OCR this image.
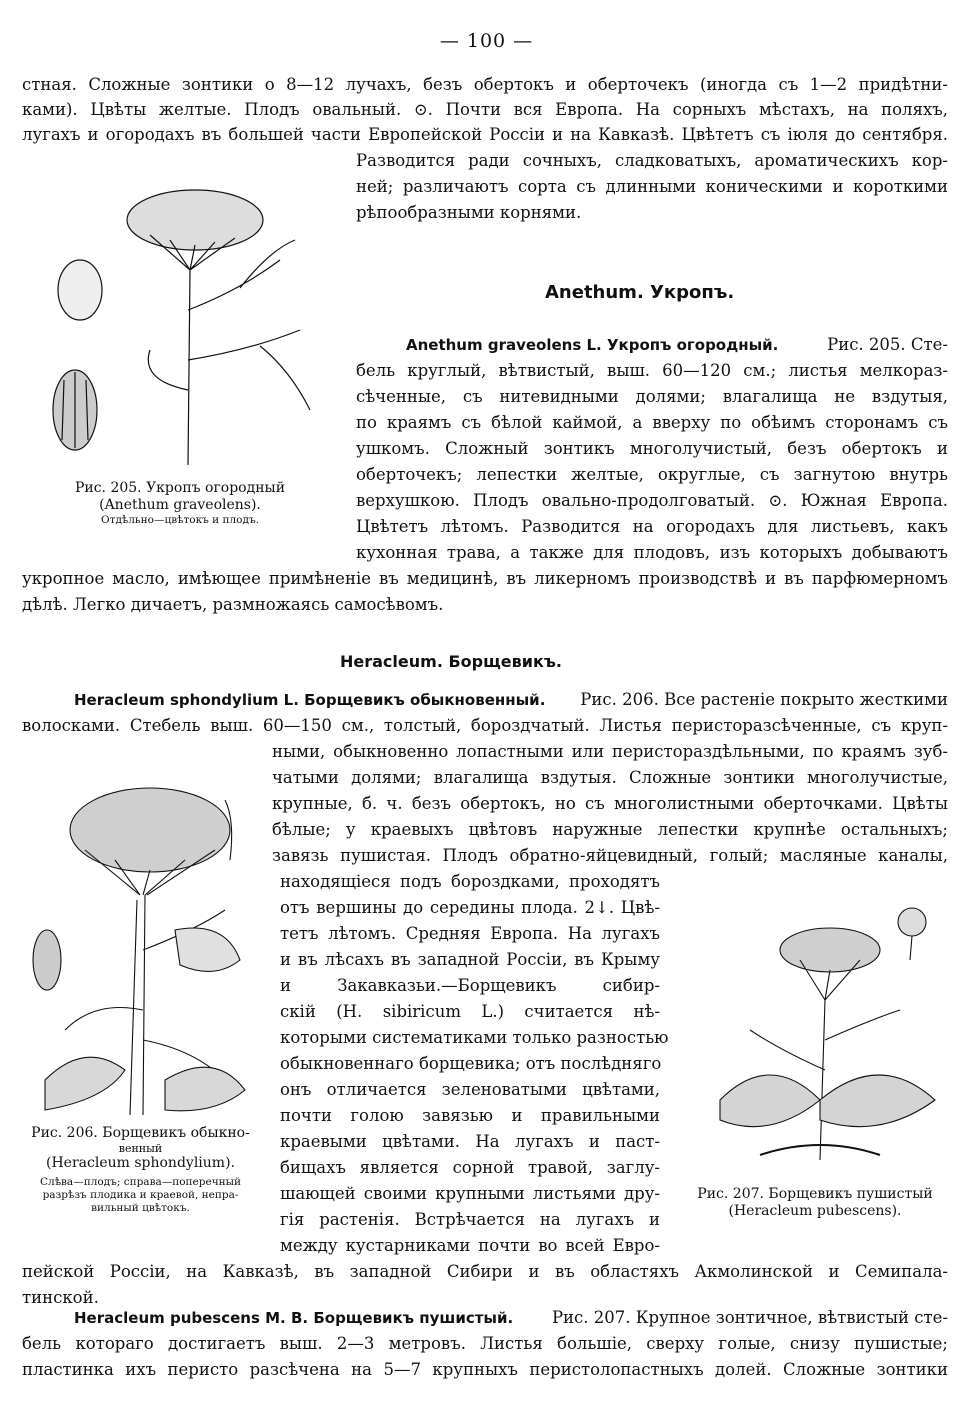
— 100 —
стная. Сложные зонтики о 8—12 лучахъ, безъ обертокъ и оберточекъ (иногда съ 1—2 придѣтни-
ками). Цвѣты желтые. Плодъ овальный. ⊙. Почти вся Европа. На сорныхъ мѣстахъ, на поляхъ,
лугахъ и огородахъ въ большей части Европейской Россіи и на Кавказѣ. Цвѣтетъ съ іюля до сентября.
Разводится ради сочныхъ, сладковатыхъ, ароматическихъ кор-
ней; различаютъ сорта съ длинными коническими и короткими
рѣпообразными корнями.
Рис. 205. Укропъ огородный
(Anethum graveolens).
Отдѣльно—цвѣтокъ и плодъ.
Anethum. Укропъ.
Anethum graveolens L. Укропъ огородный.	Рис. 205. Сте-
бель круглый, вѣтвистый, выш. 60—120 см.; листья мелкораз-
сѣченные, съ нитевидными долями; влагалища не вздутыя,
по краямъ съ бѣлой каймой, а вверху по обѣимъ сторонамъ съ
ушкомъ. Сложный зонтикъ многолучистый, безъ обертокъ и
оберточекъ; лепестки желтые, округлые, съ загнутою внутрь
верхушкою. Плодъ овально-продолговатый. ⊙. Южная Европа.
Цвѣтетъ лѣтомъ. Разводится на огородахъ для листьевъ, какъ
кухонная трава, а также для плодовъ, изъ которыхъ добываютъ
укропное масло, имѣющее примѣненіе въ медицинѣ, въ ликерномъ производствѣ и въ парфюмерномъ
дѣлѣ. Легко дичаетъ, размножаясь самосѣвомъ.
Heracleum. Борщевикъ.
Heracleum sphondylium L. Борщевикъ обыкновенный. Рис. 206. Все растеніе покрыто жесткими
волосками. Стебель выш. 60—150 см., толстый, бороздчатый. Листья перисторазсѣченные, съ круп-
ными, обыкновенно лопастными или перистораздѣльными, по краямъ зуб-
чатыми долями; влагалища вздутыя. Сложные зонтики многолучистые,
крупные, б. ч. безъ обертокъ, но съ многолистными оберточками. Цвѣты
бѣлые; у краевыхъ цвѣтовъ наружные лепестки крупнѣе остальныхъ;
завязь пушистая. Плодъ обратно-яйцевидный, голый; масляные каналы,
находящіеся подъ бороздками, проходятъ
отъ вершины до середины плода. 2↓. Цвѣ-
тетъ лѣтомъ. Средняя Европа. На лугахъ
и въ лѣсахъ въ западной Россіи, въ Крыму
и Закавказьи.—Борщевикъ сибир-
скій (H. sibiricum L.) считается нѣ-
которыми систематиками только разностью
обыкновеннаго борщевика; отъ послѣдняго
онъ отличается зеленоватыми цвѣтами,
почти голою завязью и правильными
краевыми цвѣтами. На лугахъ и паст-
бищахъ является сорной травой, заглу-
шающей своими крупными листьями дру-
гія растенія. Встрѣчается на лугахъ и
между кустарниками почти во всей Евро-
пейской Россіи, на Кавказѣ, въ западной Сибири и въ областяхъ Акмолинской и Семипала-
тинской.
Рис. 206. Борщевикъ обыкно-
венный
(Heracleum sphondylium).
Слѣва—плодъ; справа—поперечный
разрѣзъ плодика и краевой, непра-
вильный цвѣтокъ.
Рис. 207. Борщевикъ пушистый
(Heracleum pubescens).
Heracleum pubescens M. B. Борщевикъ пушистый. Рис. 207. Крупное зонтичное, вѣтвистый сте-
бель котораго достигаетъ выш. 2—3 метровъ. Листья большіе, сверху голые, снизу пушистые;
пластинка ихъ перисто разсѣчена на 5—7 крупныхъ перистолопастныхъ долей. Сложные зонтики
